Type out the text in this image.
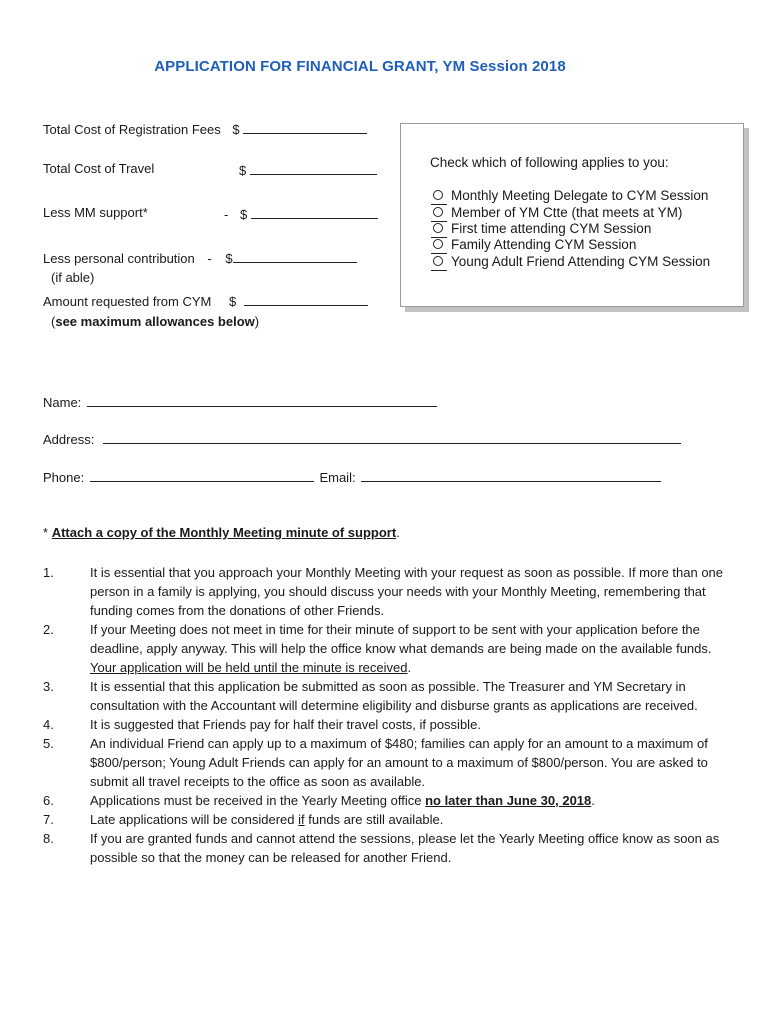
APPLICATION FOR FINANCIAL GRANT, YM Session 2018
Total Cost of Registration Fees $
Total Cost of Travel	$
Less MM support*	- $
Less personal contribution - $
(if able)
Amount requested from CYM $
(see maximum allowances below)
Check which of following applies to you:
Monthly Meeting Delegate to CYM Session
Member of YM Ctte (that meets at YM)
First time attending CYM Session
Family Attending CYM Session
Young Adult Friend Attending CYM Session
Name:
Address:
Phone:	Email:
* Attach a copy of the Monthly Meeting minute of support.
1.	It is essential that you approach your Monthly Meeting with your request as soon as possible. If more than one person in a family is applying, you should discuss your needs with your Monthly Meeting, remembering that funding comes from the donations of other Friends.
2.	If your Meeting does not meet in time for their minute of support to be sent with your application before the deadline, apply anyway. This will help the office know what demands are being made on the available funds. Your application will be held until the minute is received.
3.	It is essential that this application be submitted as soon as possible. The Treasurer and YM Secretary in consultation with the Accountant will determine eligibility and disburse grants as applications are received.
4.	It is suggested that Friends pay for half their travel costs, if possible.
5.	An individual Friend can apply up to a maximum of $480; families can apply for an amount to a maximum of $800/person; Young Adult Friends can apply for an amount to a maximum of $800/person. You are asked to submit all travel receipts to the office as soon as available.
6.	Applications must be received in the Yearly Meeting office no later than June 30, 2018.
7.	Late applications will be considered if funds are still available.
8.	If you are granted funds and cannot attend the sessions, please let the Yearly Meeting office know as soon as possible so that the money can be released for another Friend.
